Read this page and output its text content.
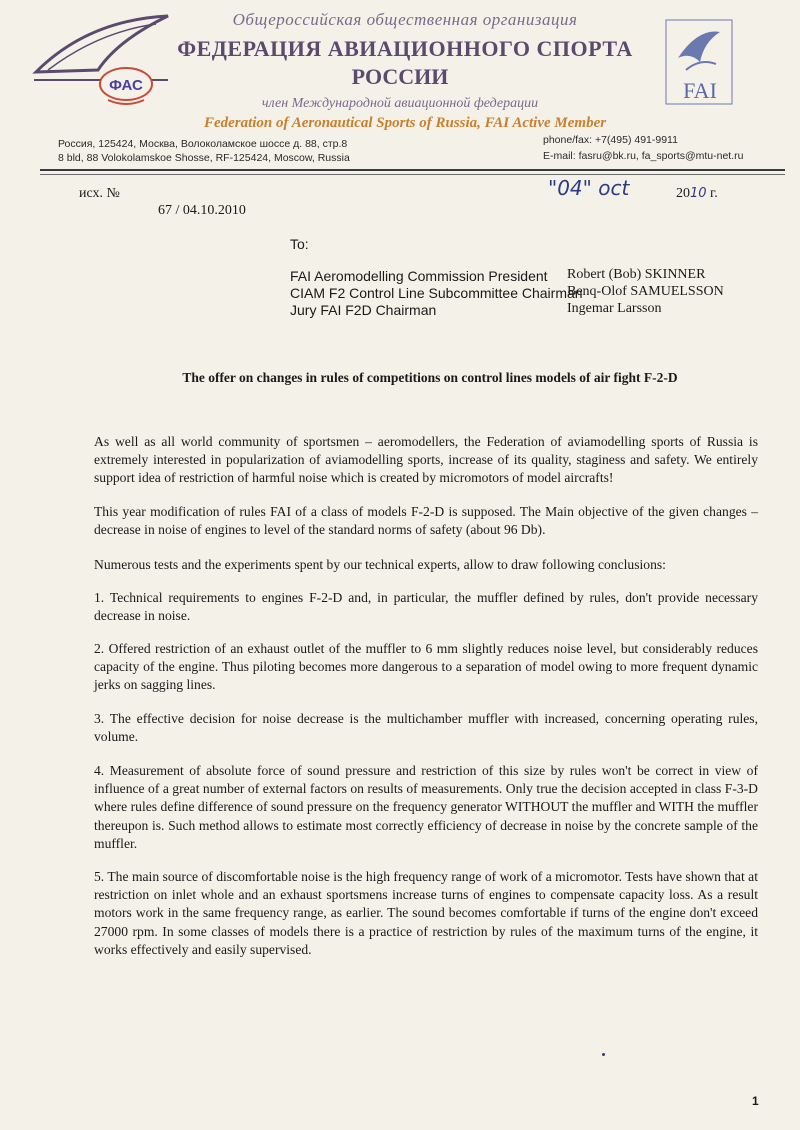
ФАС
Общероссийская общественная организация
ФЕДЕРАЦИЯ АВИАЦИОННОГО СПОРТА
РОССИИ
член Международной авиационной федерации
Federation of Aeronautical Sports of Russia, FAI Active Member
FAI
Россия, 125424, Москва, Волоколамское шоссе д. 88, стр.8
8 bld, 88 Volokolamskoe Shosse, RF-125424, Moscow, Russia
phone/fax: +7(495) 491-9911
E-mail: fasru@bk.ru, fa_sports@mtu-net.ru
исх. №
67 / 04.10.2010
"04" oct	2010 г.
To:
FAI Aeromodelling Commission President
CIAM F2 Control Line Subcommittee Chairman
Jury FAI F2D Chairman
Robert (Bob) SKINNER
Benq-Olof SAMUELSSON
Ingemar Larsson
The offer on changes in rules of competitions on control lines models of air fight F-2-D

As well as all world community of sportsmen – aeromodellers, the Federation of aviamodelling sports of Russia is extremely interested in popularization of aviamodelling sports, increase of its quality, staginess and safety. We entirely support idea of restriction of harmful noise which is created by micromotors of model aircrafts!

This year modification of rules FAI of a class of models F-2-D is supposed. The Main objective of the given changes – decrease in noise of engines to level of the standard norms of safety (about 96 Db).

Numerous tests and the experiments spent by our technical experts, allow to draw following conclusions:

1. Technical requirements to engines F-2-D and, in particular, the muffler defined by rules, don't provide necessary decrease in noise.

2. Offered restriction of an exhaust outlet of the muffler to 6 mm slightly reduces noise level, but considerably reduces capacity of the engine. Thus piloting becomes more dangerous to a separation of model owing to more frequent dynamic jerks on sagging lines.

3. The effective decision for noise decrease is the multichamber muffler with increased, concerning operating rules, volume.

4. Measurement of absolute force of sound pressure and restriction of this size by rules won't be correct in view of influence of a great number of external factors on results of measurements. Only true the decision accepted in class F-3-D where rules define difference of sound pressure on the frequency generator WITHOUT the muffler and WITH the muffler thereupon is. Such method allows to estimate most correctly efficiency of decrease in noise by the concrete sample of the muffler.

5. The main source of discomfortable noise is the high frequency range of work of a micromotor. Tests have shown that at restriction on inlet whole and an exhaust sportsmens increase turns of engines to compensate capacity loss. As a result motors work in the same frequency range, as earlier. The sound becomes comfortable if turns of the engine don't exceed 27000 rpm. In some classes of models there is a practice of restriction by rules of the maximum turns of the engine, it works effectively and easily supervised.

1
